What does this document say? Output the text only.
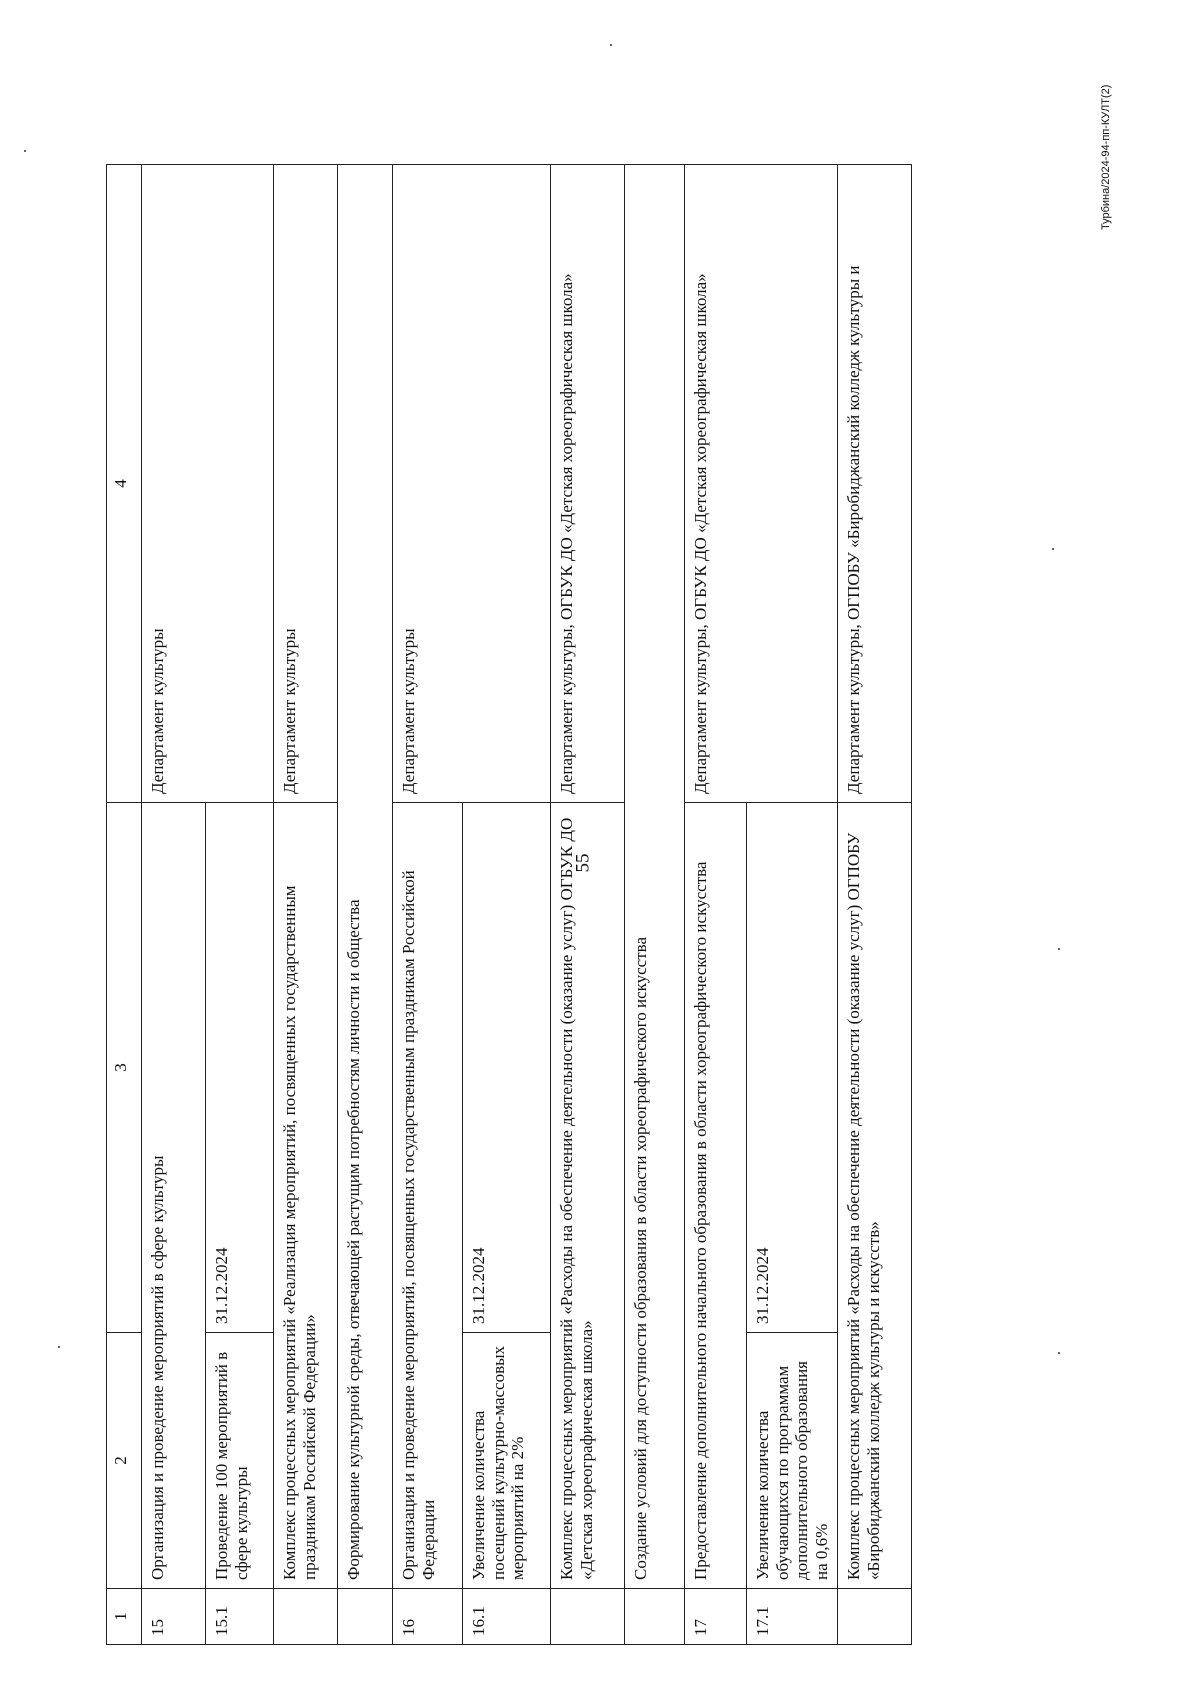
55
1	2	3	4
15	Организация и проведение мероприятий в сфере культуры		Департамент культуры
15.1	Проведение 100 мероприятий в сфере культуры	31.12.2024	
	Комплекс процессных мероприятий «Реализация мероприятий, посвященных государственным праздникам Российской Федерации»		Департамент культуры
	Формирование культурной среды, отвечающей растущим потребностям личности и общества		
16	Организация и проведение мероприятий, посвященных государственным праздникам Российской Федерации		Департамент культуры
16.1	Увеличение количества посещений культурно-массовых мероприятий на 2%	31.12.2024	
	Комплекс процессных мероприятий «Расходы на обеспечение деятельности (оказание услуг) ОГБУК ДО «Детская хореографическая школа»		Департамент культуры, ОГБУК ДО «Детская хореографическая школа»
	Создание условий для доступности образования в области хореографического искусства		
17	Предоставление дополнительного начального образования в области хореографического искусства		Департамент культуры, ОГБУК ДО «Детская хореографическая школа»
17.1	Увеличение количества обучающихся по программам дополнительного образования на 0,6%	31.12.2024	
	Комплекс процессных мероприятий «Расходы на обеспечение деятельности (оказание услуг) ОГПОБУ «Биробиджанский колледж культуры и искусств»		Департамент культуры, ОГПОБУ «Биробиджанский колледж культуры и
Турбина/2024-94-пп-КУЛТ(2)
